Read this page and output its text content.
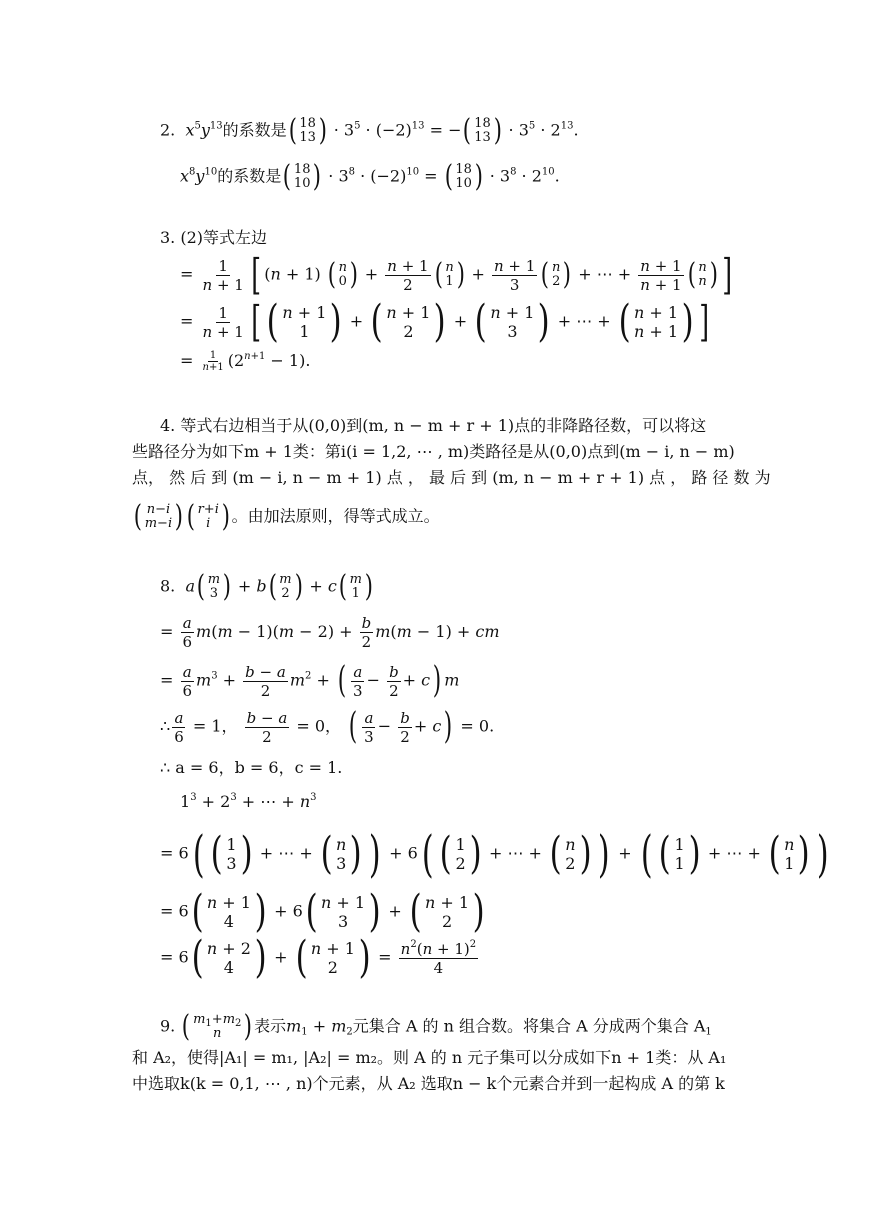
2.  $x^5y^{13}$的系数是 ( 18
13 ) · $3^5 \cdot (-2)^{13}$ = − ( 18
13 ) · $3^5 \cdot 2^{13}$.
$x^8y^{10}$的系数是 ( 18
10 ) · $3^8 \cdot (-2)^{10}$ = ( 18
10 ) · $3^8 \cdot 2^{10}$.
3. (2)等式左边
= $\frac{1}{n + 1}$ [ (n + 1) ( n
0 ) + $\frac{n + 1}{2}$ ( n
1 ) + $\frac{n + 1}{3}$ ( n
2 ) + ⋯ + $\frac{n + 1}{n + 1}$ ( n
n ) ]
= $\frac{1}{n + 1}$ [ ( n + 1
1 ) + ( n + 1
2 ) + ( n + 1
3 ) + ⋯ + ( n + 1
n + 1 ) ]
= $\frac{1}{n+1} (2^{n+1} - 1)$.
4. 等式右边相当于从(0,0)到(m, n − m + r + 1)点的非降路径数，可以将这
些路径分为如下m + 1类：第i(i = 1,2, ⋯ , m)类路径是从(0,0)点到(m − i, n − m)
点， 然 后 到 (m − i, n − m + 1) 点 ， 最 后 到 (m, n − m + r + 1) 点 ， 路 径 数 为
( n−i
m−i ) ( r+i
i ) 。由加法原则，得等式成立。
8.  a ( m
3 ) + b ( m
2 ) + c ( m
1 )
= $\frac{a}{6} m(m - 1)(m - 2) + \frac{b}{2} m(m - 1)$ + cm
= $\frac{a}{6} m^3 + \frac{b - a}{2} m^2$ + ( $\frac{a}{3} - \frac{b}{2} + c$) m
∴ $\frac{a}{6} = 1$， $\frac{b - a}{2} = 0$， ( $\frac{a}{3} - \frac{b}{2} + c) = 0$.
∴ a = 6，b = 6，c = 1.
$1^3 + 2^3$ + ⋯ + $n^3$
= 6( ( 1
3 ) + ⋯ + ( n
3 ) ) + 6( ( 1
2 ) + ⋯ + ( n
2 ) ) + ( ( 1
1 ) + ⋯ + ( n
1 ) )
= 6 ( n + 1
4 ) + 6 ( n + 1
3 ) + ( n + 1
2 )
= 6 ( n + 2
4 ) + ( n + 1
2 ) = $\frac{n^2(n + 1)^2}{4}$
9. ( $m_1+m_2$
n ) 表示$m_1 + m_2$元集合 A 的 n 组合数。将集合 A 分成两个集合 $A_1$
和 A₂，使得|A₁| = m₁, |A₂| = m₂。则 A 的 n 元子集可以分成如下n + 1类：从 A₁
中选取k(k = 0,1, ⋯ , n)个元素，从 A₂ 选取n − k个元素合并到一起构成 A 的第 k
